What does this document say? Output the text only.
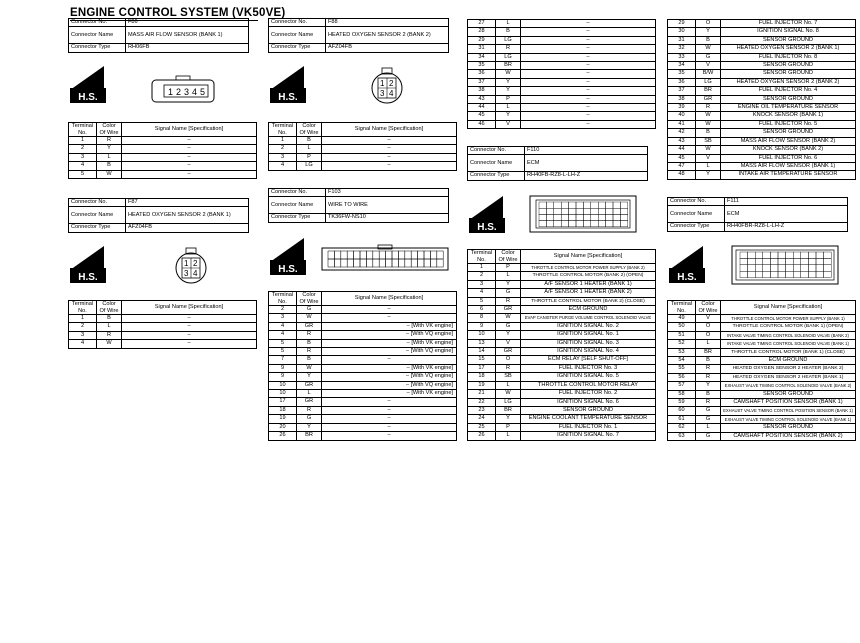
ENGINE CONTROL SYSTEM (VK50VE)
Connector No.	F86
Connector Name	MASS AIR FLOW SENSOR (BANK 1)
Connector Type	RH06FB
H.S.	1 2 3 4 5
Terminal No.	Color Of Wire	Signal Name [Specification]
1	R	–
2	Y	–
3	L	–
4	B	–
5	W	–
Connector No.	F88
Connector Name	HEATED OXYGEN SENSOR 2 (BANK 2)
Connector Type	AFZ04FB
H.S.
1 2
3 4
Terminal No.	Color Of Wire	Signal Name [Specification]
1	B	–
2	L	–
3	P	–
4	LG	–
Connector No.	F87
Connector Name	HEATED OXYGEN SENSOR 2 (BANK 1)
Connector Type	AFZ04FB
H.S.
1 2
3 4
Terminal No.	Color Of Wire	Signal Name [Specification]
1	B	–
2	L	–
3	R	–
4	W	–
Connector No.	F103
Connector Name	WIRE TO WIRE
Connector Type	TK36FW-NS10
H.S.
Terminal No.	Color Of Wire	Signal Name [Specification]
2	G	–
3	W	–
4	GR	– [With VK engine]
4	R	– [With VQ engine]
5	B	– [With VK engine]
5	R	– [With VQ engine]
7	B	–
9	W	– [With VK engine]
9	Y	– [With VQ engine]
10	GR	– [With VQ engine]
10	L	– [With VK engine]
17	GR	–
18	R	–
19	G	–
20	Y	–
26	BR	–
27	L	–
28	B	–
29	LG	–
31	R	–
34	LG	–
35	BR	–
36	W	–
37	Y	–
38	Y	–
43	P	–
44	L	–
45	Y	–
46	V	–
Connector No.	F110
Connector Name	ECM
Connector Type	RH40FB-RZ8-L-LH-Z
H.S.
Terminal No.	Color Of Wire	Signal Name [Specification]
1	P	THROTTLE CONTROL MOTOR POWER SUPPLY (BANK 2)
2	L	THROTTLE CONTROL MOTOR (BANK 2) (OPEN)
3	Y	A/F SENSOR 1 HEATER (BANK 1)
4	G	A/F SENSOR 1 HEATER (BANK 2)
5	R	THROTTLE CONTROL MOTOR (BANK 2) (CLOSE)
6	GR	ECM GROUND
8	W	EVAP CANISTER PURGE VOLUME CONTROL SOLENOID VALVE
9	G	IGNITION SIGNAL No. 2
10	Y	IGNITION SIGNAL No. 1
13	V	IGNITION SIGNAL No. 3
14	GR	IGNITION SIGNAL No. 4
15	O	ECM RELAY [SELF SHUT-OFF]
17	R	FUEL INJECTOR No. 3
18	SB	IGNITION SIGNAL No. 5
19	L	THROTTLE CONTROL MOTOR RELAY
21	W	FUEL INJECTOR No. 2
22	LG	IGNITION SIGNAL No. 6
23	BR	SENSOR GROUND
24	Y	ENGINE COOLANT TEMPERATURE SENSOR
25	P	FUEL INJECTOR No. 1
26	L	IGNITION SIGNAL No. 7
29	O	FUEL INJECTOR No. 7
30	Y	IGNITION SIGNAL No. 8
31	B	SENSOR GROUND
32	W	HEATED OXYGEN SENSOR 2 (BANK 1)
33	G	FUEL INJECTOR No. 8
34	V	SENSOR GROUND
35	B/W	SENSOR GROUND
36	LG	HEATED OXYGEN SENSOR 2 (BANK 2)
37	BR	FUEL INJECTOR No. 4
38	GR	SENSOR GROUND
39	R	ENGINE OIL TEMPERATURE SENSOR
40	W	KNOCK SENSOR (BANK 1)
41	W	FUEL INJECTOR No. 5
42	B	SENSOR GROUND
43	SB	MASS AIR FLOW SENSOR (BANK 2)
44	W	KNOCK SENSOR (BANK 2)
45	V	FUEL INJECTOR No. 6
47	L	MASS AIR FLOW SENSOR (BANK 1)
48	Y	INTAKE AIR TEMPERATURE SENSOR
Connector No.	F111
Connector Name	ECM
Connector Type	RH40FBR-RZ8-L-LH-Z
H.S.
Terminal No.	Color Of Wire	Signal Name [Specification]
49	V	THROTTLE CONTROL MOTOR POWER SUPPLY (BANK 1)
50	O	THROTTLE CONTROL MOTOR (BANK 1) (OPEN)
51	O	INTAKE VALVE TIMING CONTROL SOLENOID VALVE (BANK 2)
52	L	INTAKE VALVE TIMING CONTROL SOLENOID VALVE (BANK 1)
53	BR	THROTTLE CONTROL MOTOR (BANK 1) (CLOSE)
54	B	ECM GROUND
55	R	HEATED OXYGEN SENSOR 2 HEATER (BANK 2)
56	R	HEATED OXYGEN SENSOR 2 HEATER (BANK 1)
57	Y	EXHAUST VALVE TIMING CONTROL SOLENOID VALVE (BANK 2)
58	B	SENSOR GROUND
59	R	CAMSHAFT POSITION SENSOR (BANK 1)
60	G	EXHAUST VALVE TIMING CONTROL POSITION SENSOR (BANK 1)
61	G	EXHAUST VALVE TIMING CONTROL SOLENOID VALVE (BANK 1)
62	L	SENSOR GROUND
63	G	CAMSHAFT POSITION SENSOR (BANK 2)
